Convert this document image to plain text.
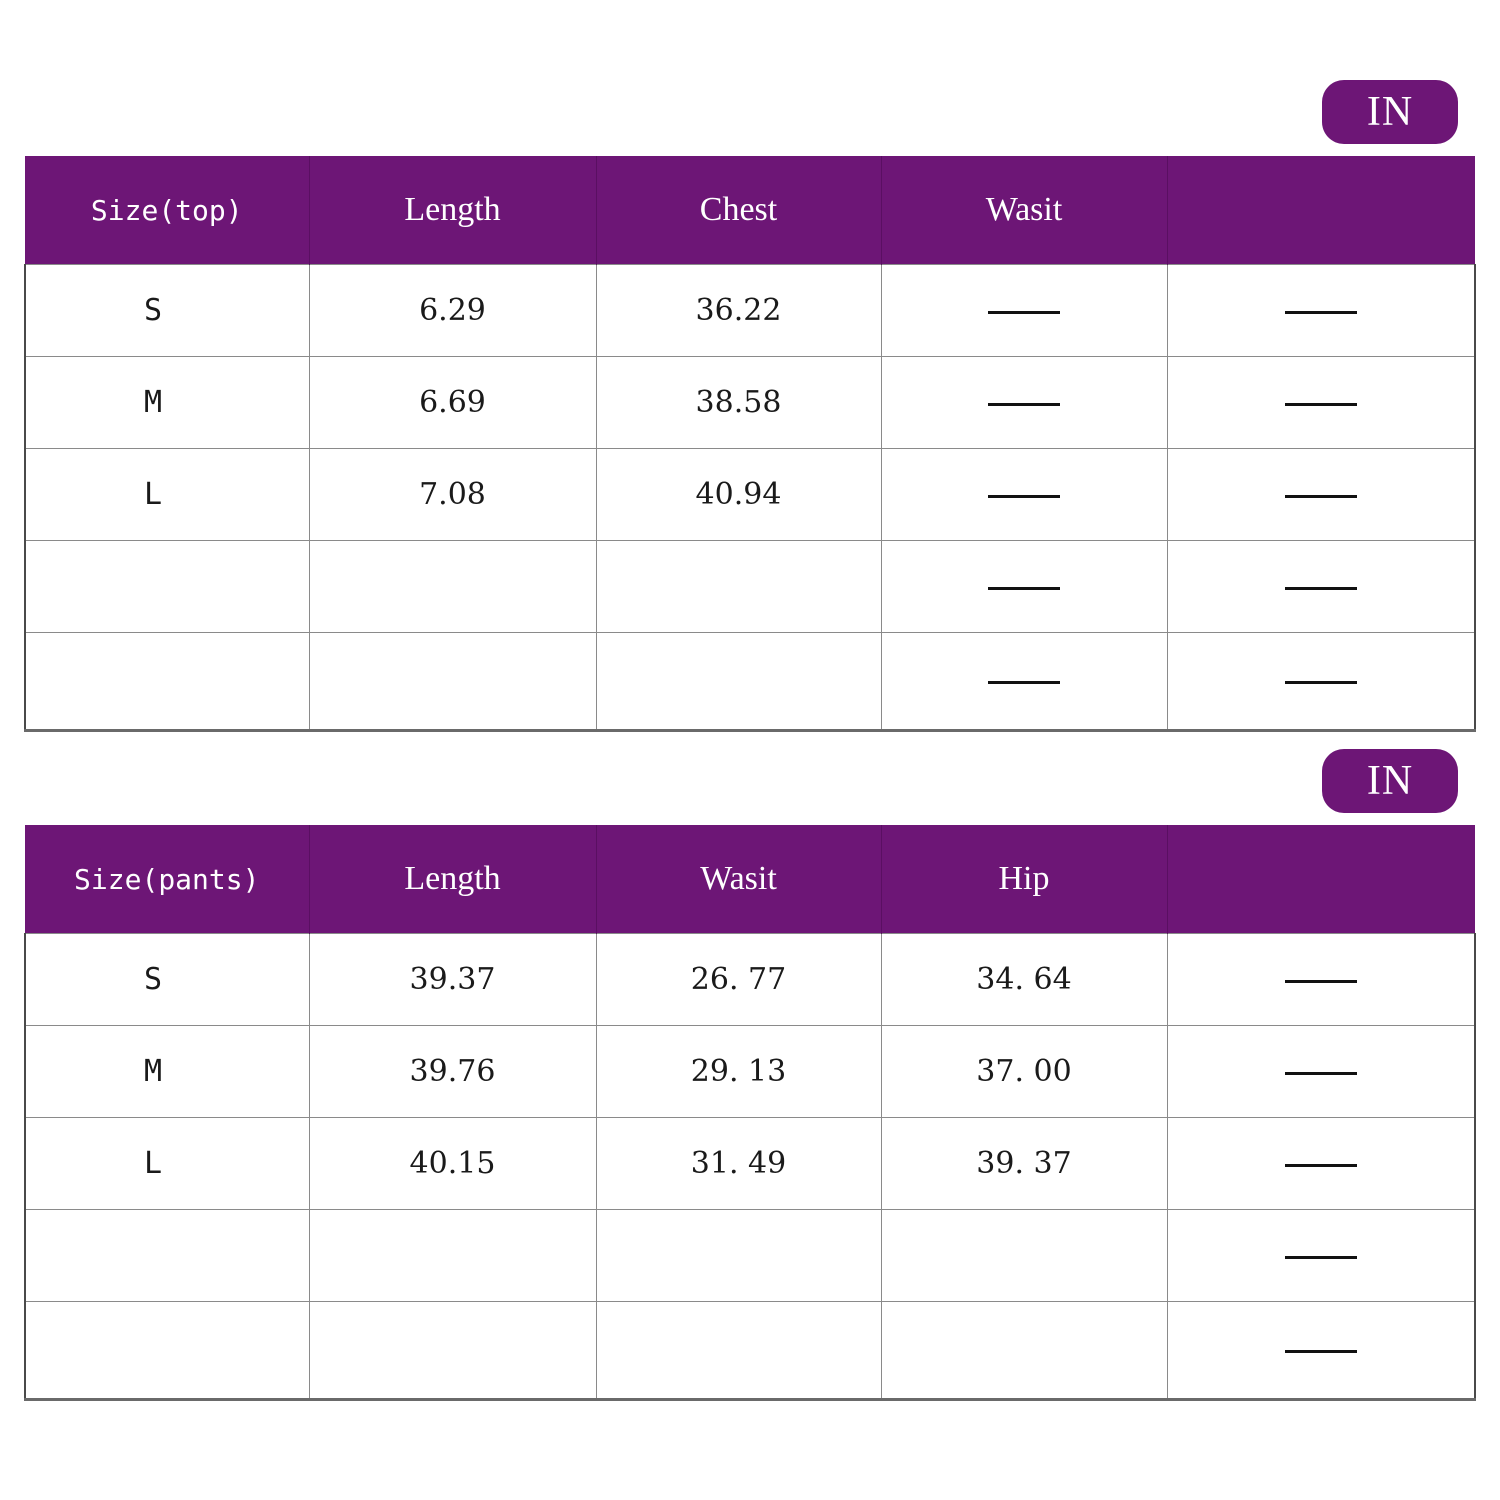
IN
Size(top)	Length	Chest	Wasit	
S	6.29	36.22		
M	6.69	38.58		
L	7.08	40.94		

IN
Size(pants)	Length	Wasit	Hip	
S	39.37	26. 77	34. 64	
M	39.76	29. 13	37. 00	
L	40.15	31. 49	39. 37	
